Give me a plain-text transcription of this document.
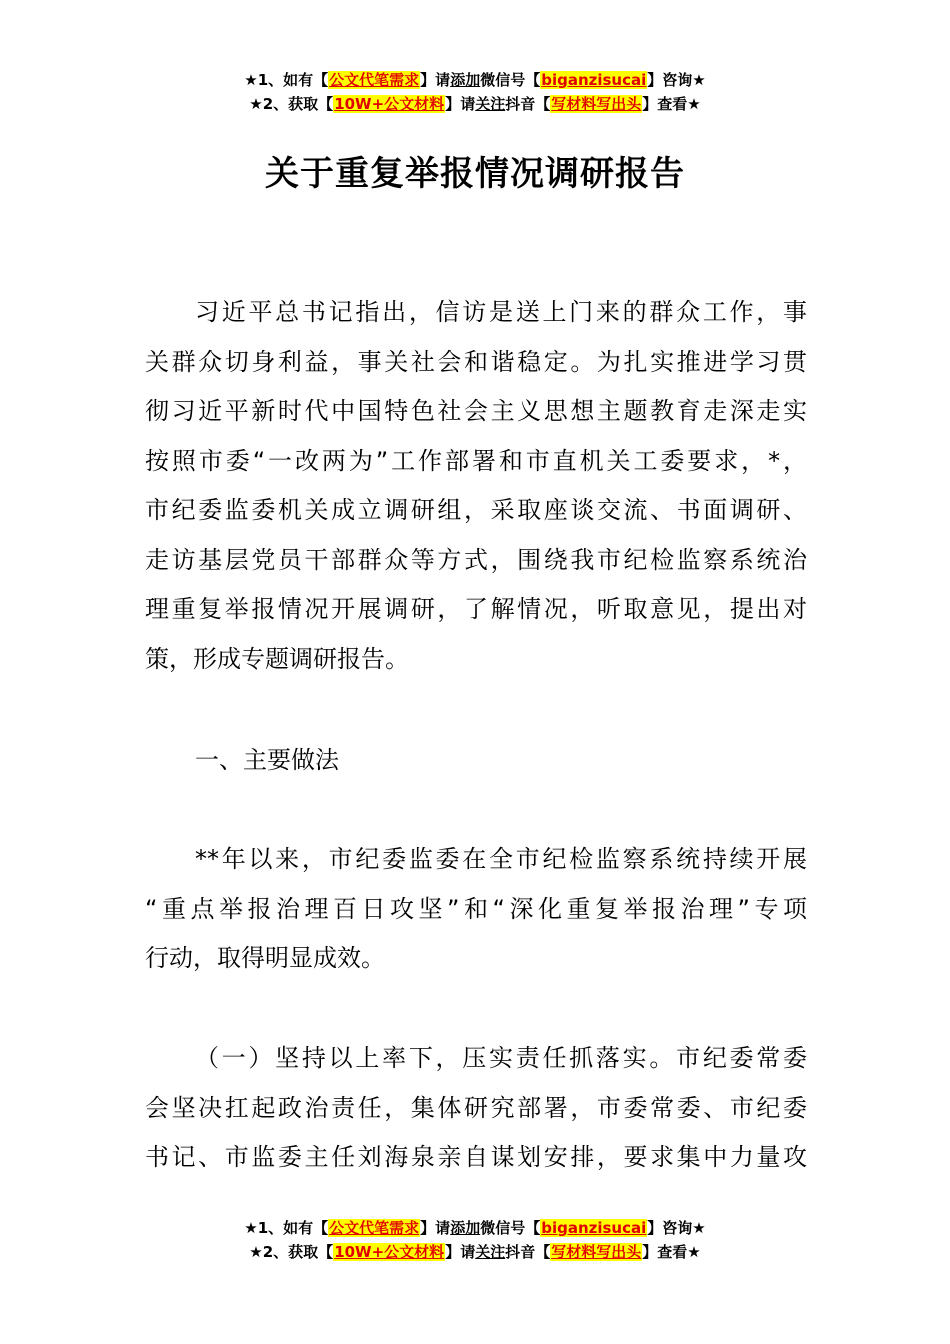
★1、如有【公文代笔需求】请添加微信号【biganzisucai】咨询★
★2、获取【10W+公文材料】请关注抖音【写材料写出头】查看★
关于重复举报情况调研报告
习近平总书记指出，信访是送上门来的群众工作，事
关群众切身利益，事关社会和谐稳定。为扎实推进学习贯
彻习近平新时代中国特色社会主义思想主题教育走深走实
按照市委“一改两为”工作部署和市直机关工委要求，*，
市纪委监委机关成立调研组，采取座谈交流、书面调研、
走访基层党员干部群众等方式，围绕我市纪检监察系统治
理重复举报情况开展调研，了解情况，听取意见，提出对
策，形成专题调研报告。
一、主要做法
**年以来，市纪委监委在全市纪检监察系统持续开展
“重点举报治理百日攻坚”和“深化重复举报治理”专项
行动，取得明显成效。
（一）坚持以上率下，压实责任抓落实。市纪委常委
会坚决扛起政治责任，集体研究部署，市委常委、市纪委
书记、市监委主任刘海泉亲自谋划安排，要求集中力量攻
★1、如有【公文代笔需求】请添加微信号【biganzisucai】咨询★
★2、获取【10W+公文材料】请关注抖音【写材料写出头】查看★
